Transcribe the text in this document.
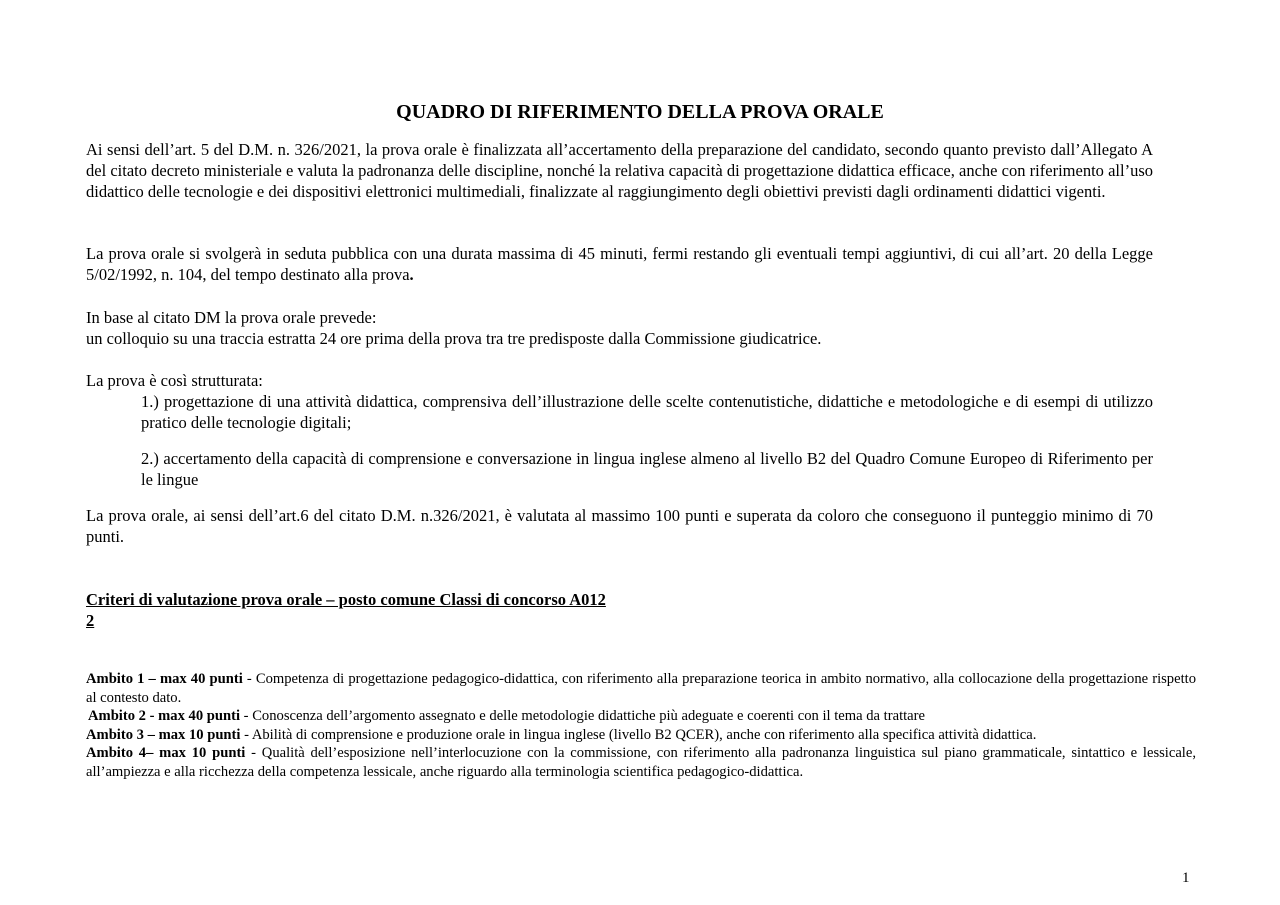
QUADRO DI RIFERIMENTO DELLA PROVA ORALE

Ai sensi dell’art. 5 del D.M. n. 326/2021, la prova orale è finalizzata all’accertamento della preparazione del candidato, secondo quanto previsto dall’Allegato A del citato decreto ministeriale e valuta la padronanza delle discipline, nonché la relativa capacità di progettazione didattica efficace, anche con riferimento all’uso didattico delle tecnologie e dei dispositivi elettronici multimediali, finalizzate al raggiungimento degli obiettivi previsti dagli ordinamenti didattici vigenti.

La prova orale si svolgerà in seduta pubblica con una durata massima di 45 minuti, fermi restando gli eventuali tempi aggiuntivi, di cui all’art. 20 della Legge 5/02/1992, n. 104, del tempo destinato alla prova.

In base al citato DM la prova orale prevede:

un colloquio su una traccia estratta 24 ore prima della prova tra tre predisposte dalla Commissione giudicatrice.

La prova è così strutturata:

1.) progettazione di una attività didattica, comprensiva dell’illustrazione delle scelte contenutistiche, didattiche e metodologiche e di esempi di utilizzo pratico delle tecnologie digitali;

2.) accertamento della capacità di comprensione e conversazione in lingua inglese almeno al livello B2 del Quadro Comune Europeo di Riferimento per le lingue

La prova orale, ai sensi dell’art.6 del citato D.M. n.326/2021, è valutata al massimo 100 punti e superata da coloro che conseguono il punteggio minimo di 70 punti.

Criteri di valutazione prova orale – posto comune Classi di concorso A012
2

Ambito 1 – max 40 punti - Competenza di progettazione pedagogico-didattica, con riferimento alla preparazione teorica in ambito normativo, alla collocazione della progettazione rispetto al contesto dato.

Ambito 2 - max 40 punti - Conoscenza dell’argomento assegnato e delle metodologie didattiche più adeguate e coerenti con il tema da trattare

Ambito 3 – max 10 punti - Abilità di comprensione e produzione orale in lingua inglese (livello B2 QCER), anche con riferimento alla specifica attività didattica.

Ambito 4– max 10 punti - Qualità dell’esposizione nell’interlocuzione con la commissione, con riferimento alla padronanza linguistica sul piano grammaticale, sintattico e lessicale, all’ampiezza e alla ricchezza della competenza lessicale, anche riguardo alla terminologia scientifica pedagogico-didattica.

1
